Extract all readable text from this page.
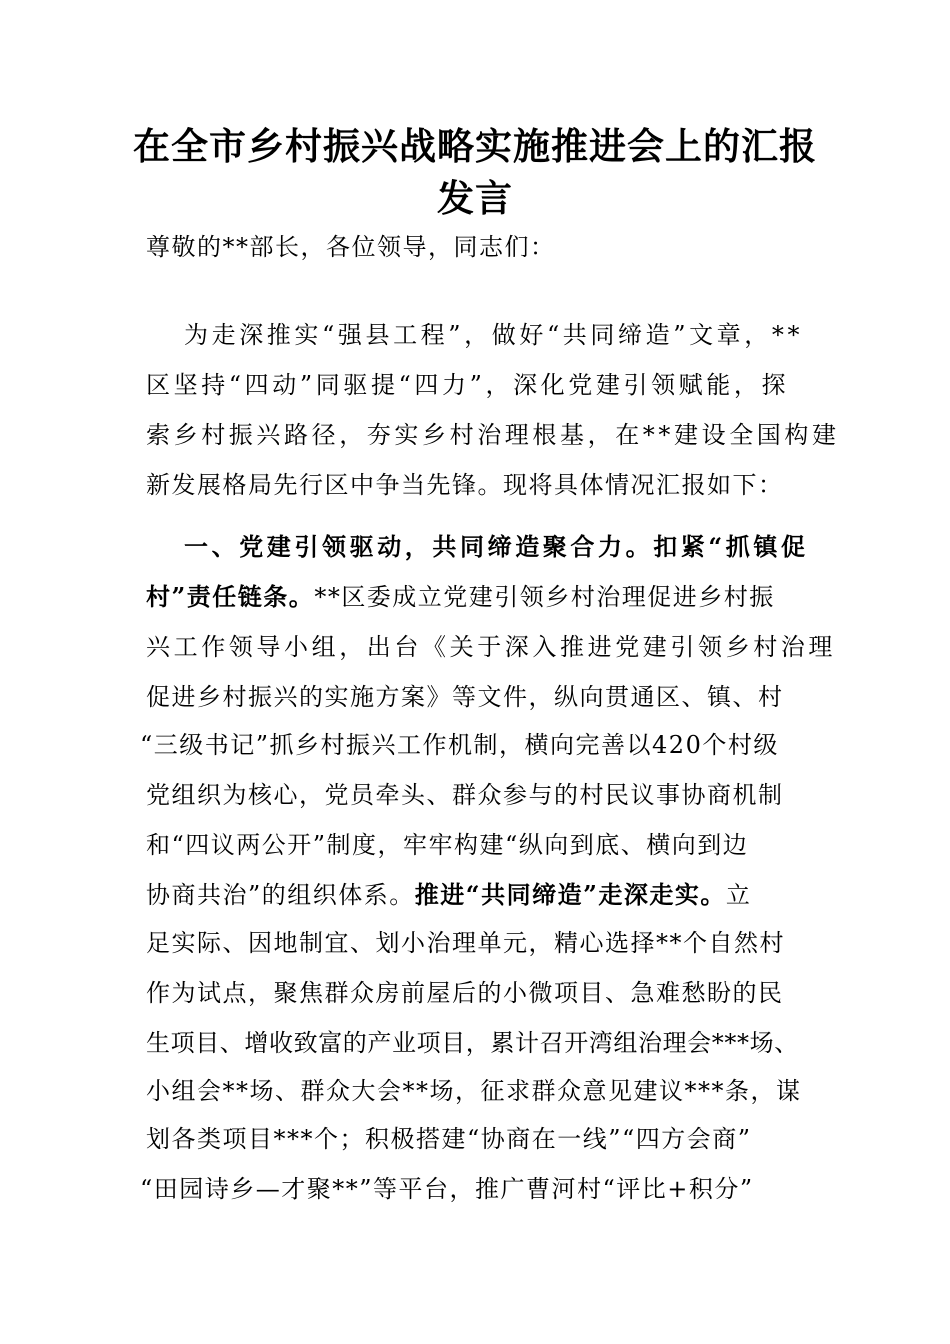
在全市乡村振兴战略实施推进会上的汇报
发言
尊敬的**部长，各位领导，同志们：
为走深推实“强县工程”，做好“共同缔造”文章，**
区坚持“四动”同驱提“四力”，深化党建引领赋能，探
索乡村振兴路径，夯实乡村治理根基，在**建设全国构建
新发展格局先行区中争当先锋。现将具体情况汇报如下：
一、党建引领驱动，共同缔造聚合力。扣紧“抓镇促
村”责任链条。**区委成立党建引领乡村治理促进乡村振
兴工作领导小组，出台《关于深入推进党建引领乡村治理
促进乡村振兴的实施方案》等文件，纵向贯通区、镇、村
“三级书记”抓乡村振兴工作机制，横向完善以420个村级
党组织为核心，党员牵头、群众参与的村民议事协商机制
和“四议两公开”制度，牢牢构建“纵向到底、横向到边
协商共治”的组织体系。推进“共同缔造”走深走实。立
足实际、因地制宜、划小治理单元，精心选择**个自然村
作为试点，聚焦群众房前屋后的小微项目、急难愁盼的民
生项目、增收致富的产业项目，累计召开湾组治理会***场、
小组会**场、群众大会**场，征求群众意见建议***条，谋
划各类项目***个；积极搭建“协商在一线”“四方会商”
“田园诗乡—才聚**”等平台，推广曹河村“评比+积分”
